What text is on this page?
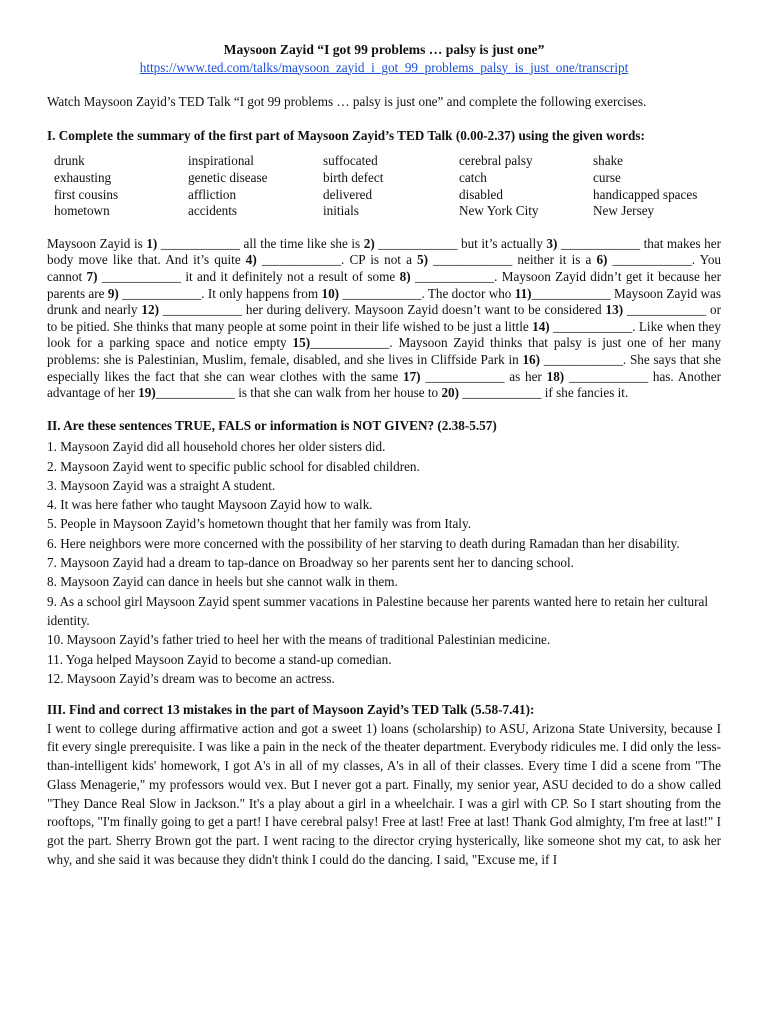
Maysoon Zayid “I got 99 problems … palsy is just one”
https://www.ted.com/talks/maysoon_zayid_i_got_99_problems_palsy_is_just_one/transcript
Watch Maysoon Zayid’s TED Talk “I got 99 problems … palsy is just one” and complete the following exercises.
I. Complete the summary of the first part of Maysoon Zayid’s TED Talk (0.00-2.37) using the given words:
drunk	inspirational	suffocated	cerebral palsy	shake
exhausting	genetic disease	birth defect	catch	curse
first cousins	affliction	delivered	disabled	handicapped spaces
hometown	accidents	initials	New York City	New Jersey
Maysoon Zayid is 1) ____________ all the time like she is 2) ____________ but it’s actually 3) ____________ that makes her body move like that. And it’s quite 4) ____________. CP is not a 5) ____________ neither it is a 6) ____________. You cannot 7) ____________ it and it definitely not a result of some 8) ____________. Maysoon Zayid didn’t get it because her parents are 9) ____________. It only happens from 10) ____________. The doctor who 11)____________ Maysoon Zayid was drunk and nearly 12) ____________ her during delivery. Maysoon Zayid doesn’t want to be considered 13) ____________ or to be pitied. She thinks that many people at some point in their life wished to be just a little 14) ____________. Like when they look for a parking space and notice empty 15)____________. Maysoon Zayid thinks that palsy is just one of her many problems: she is Palestinian, Muslim, female, disabled, and she lives in Cliffside Park in 16) ____________. She says that she especially likes the fact that she can wear clothes with the same 17) ____________ as her 18) ____________ has. Another advantage of her 19)____________ is that she can walk from her house to 20) ____________ if she fancies it.
II. Are these sentences TRUE, FALS or information is NOT GIVEN? (2.38-5.57)
1. Maysoon Zayid did all household chores her older sisters did.
2. Maysoon Zayid went to specific public school for disabled children.
3. Maysoon Zayid was a straight A student.
4. It was here father who taught Maysoon Zayid how to walk.
5. People in Maysoon Zayid’s hometown thought that her family was from Italy.
6. Here neighbors were more concerned with the possibility of her starving to death during Ramadan than her disability.
7. Maysoon Zayid had a dream to tap-dance on Broadway so her parents sent her to dancing school.
8. Maysoon Zayid can dance in heels but she cannot walk in them.
9. As a school girl Maysoon Zayid spent summer vacations in Palestine because her parents wanted here to retain her cultural identity.
10. Maysoon Zayid’s father tried to heel her with the means of traditional Palestinian medicine.
11. Yoga helped Maysoon Zayid to become a stand-up comedian.
12. Maysoon Zayid’s dream was to become an actress.
III. Find and correct 13 mistakes in the part of Maysoon Zayid’s TED Talk (5.58-7.41):
I went to college during affirmative action and got a sweet 1) loans (scholarship) to ASU, Arizona State University, because I fit every single prerequisite. I was like a pain in the neck of the theater department. Everybody ridicules me. I did only the less-than-intelligent kids' homework, I got A's in all of my classes, A's in all of their classes. Every time I did a scene from "The Glass Menagerie," my professors would vex. But I never got a part. Finally, my senior year, ASU decided to do a show called "They Dance Real Slow in Jackson." It's a play about a girl in a wheelchair. I was a girl with CP. So I start shouting from the rooftops, "I'm finally going to get a part! I have cerebral palsy! Free at last! Free at last! Thank God almighty, I'm free at last!" I got the part. Sherry Brown got the part. I went racing to the director crying hysterically, like someone shot my cat, to ask her why, and she said it was because they didn't think I could do the dancing. I said, "Excuse me, if I
